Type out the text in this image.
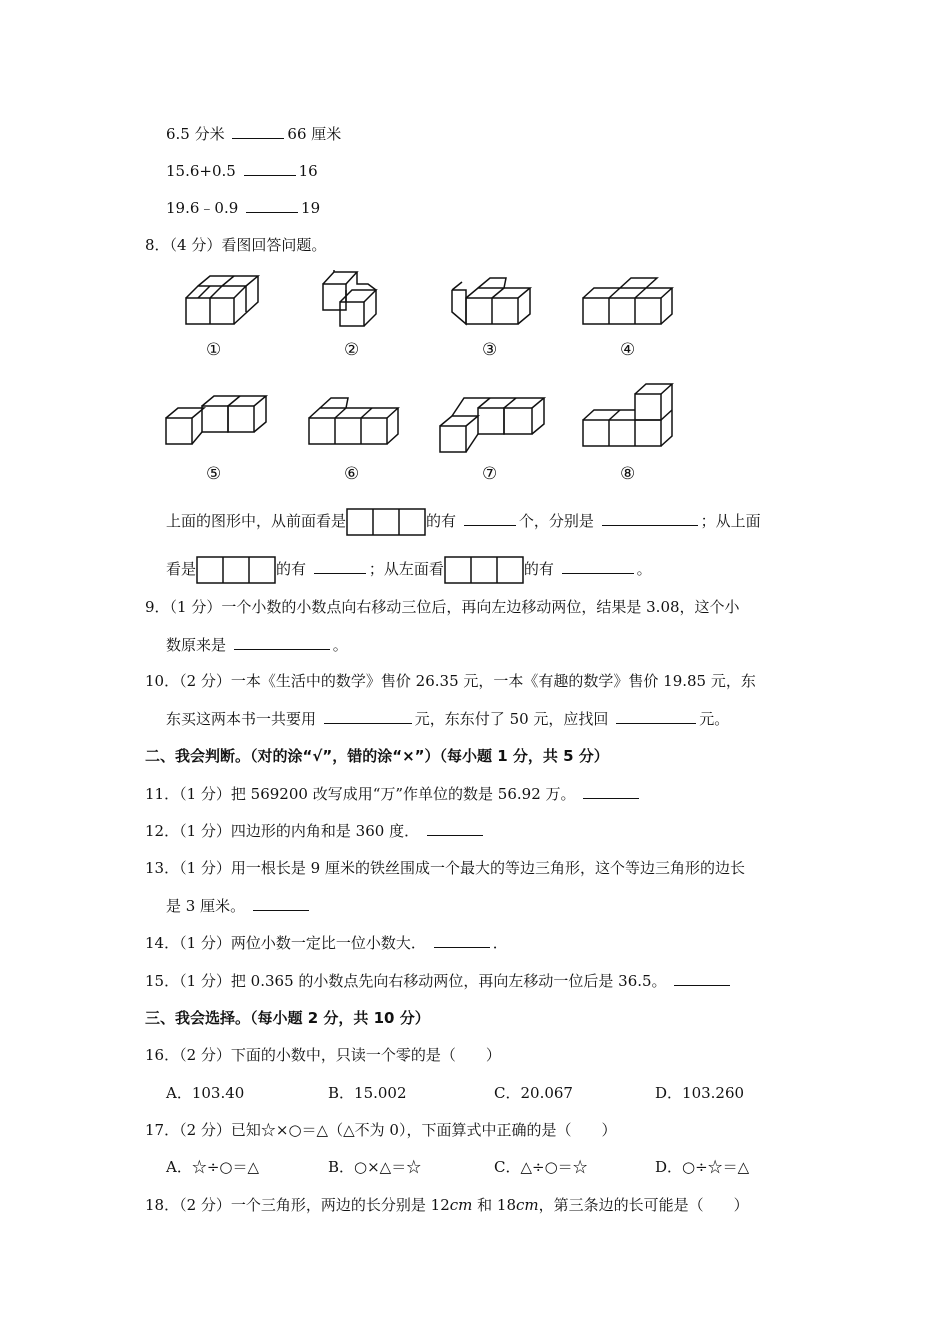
6.5 分米	66 厘米
15.6+0.5	16
19.6﹣0.9	19
8．（4 分）看图回答问题。
①	②	③	④
⑤	⑥	⑦	⑧
上面的图形中，从前面看是	的有	个，分别是	；从上面
看是	的有	；从左面看	的有	。
9．（1 分）一个小数的小数点向右移动三位后，再向左边移动两位，结果是 3.08，这个小
数原来是	。
10．（2 分）一本《生活中的数学》售价 26.35 元，一本《有趣的数学》售价 19.85 元，东
东买这两本书一共要用	元，东东付了 50 元，应找回	元。
二、我会判断。（对的涂“√”，错的涂“×”）（每小题 1 分，共 5 分）
11．（1 分）把 569200 改写成用“万”作单位的数是 56.92 万。
12．（1 分）四边形的内角和是 360 度．
13．（1 分）用一根长是 9 厘米的铁丝围成一个最大的等边三角形，这个等边三角形的边长
是 3 厘米。
14．（1 分）两位小数一定比一位小数大．	．
15．（1 分）把 0.365 的小数点先向右移动两位，再向左移动一位后是 36.5。
三、我会选择。（每小题 2 分，共 10 分）
16．（2 分）下面的小数中，只读一个零的是（　　）
A．103.40	B．15.002	C．20.067	D．103.260
17．（2 分）已知☆×○＝△（△不为 0），下面算式中正确的是（　　）
A．☆÷○＝△	B．○×△＝☆	C．△÷○＝☆	D．○÷☆＝△
18．（2 分）一个三角形，两边的长分别是 12cm 和 18cm，第三条边的长可能是（　　）
